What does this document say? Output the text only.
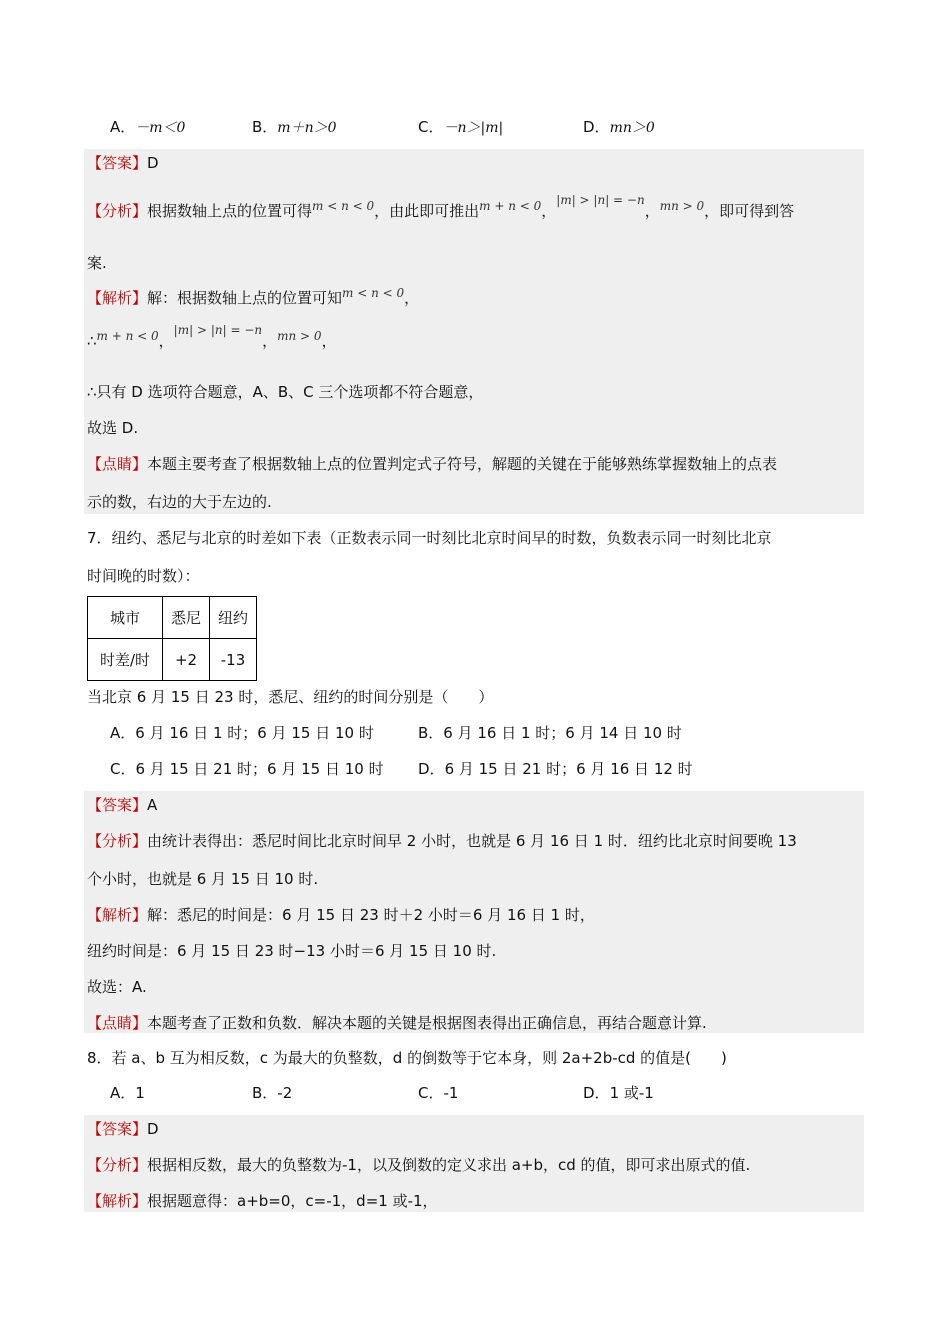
A．－m＜0	B．m＋n＞0	C．－n＞|m|	D．mn＞0
【答案】D
【分析】根据数轴上点的位置可得$^{m < n < 0}$，由此即可推出$^{m + n < 0}$，$^{|m| > |n| = -n}$，$^{mn > 0}$，即可得到答
案.
【解析】解：根据数轴上点的位置可知$^{m < n < 0}$，
∴$^{m + n < 0}$，$^{|m| > |n| = -n}$，$^{mn > 0}$，
∴只有 D 选项符合题意，A、B、C 三个选项都不符合题意，
故选 D.
【点睛】本题主要考查了根据数轴上点的位置判定式子符号，解题的关键在于能够熟练掌握数轴上的点表
示的数，右边的大于左边的.
7．纽约、悉尼与北京的时差如下表（正数表示同一时刻比北京时间早的时数，负数表示同一时刻比北京
时间晚的时数）：
城市	悉尼	纽约
时差/时	+2	-13
当北京 6 月 15 日 23 时，悉尼、纽约的时间分别是（　　）
A．6 月 16 日 1 时；6 月 15 日 10 时	B．6 月 16 日 1 时；6 月 14 日 10 时
C．6 月 15 日 21 时；6 月 15 日 10 时 D．6 月 15 日 21 时；6 月 16 日 12 时
【答案】A
【分析】由统计表得出：悉尼时间比北京时间早 2 小时，也就是 6 月 16 日 1 时．纽约比北京时间要晚 13
个小时，也就是 6 月 15 日 10 时.
【解析】解：悉尼的时间是：6 月 15 日 23 时＋2 小时＝6 月 16 日 1 时，
纽约时间是：6 月 15 日 23 时−13 小时＝6 月 15 日 10 时.
故选：A.
【点睛】本题考查了正数和负数．解决本题的关键是根据图表得出正确信息，再结合题意计算.
8．若 a、b 互为相反数，c 为最大的负整数，d 的倒数等于它本身，则 2a+2b-cd 的值是(　　)
A．1	B．-2	C．-1	D．1 或-1
【答案】D
【分析】根据相反数，最大的负整数为-1，以及倒数的定义求出 a+b，cd 的值，即可求出原式的值.
【解析】根据题意得：a+b=0，c=-1，d=1 或-1，
